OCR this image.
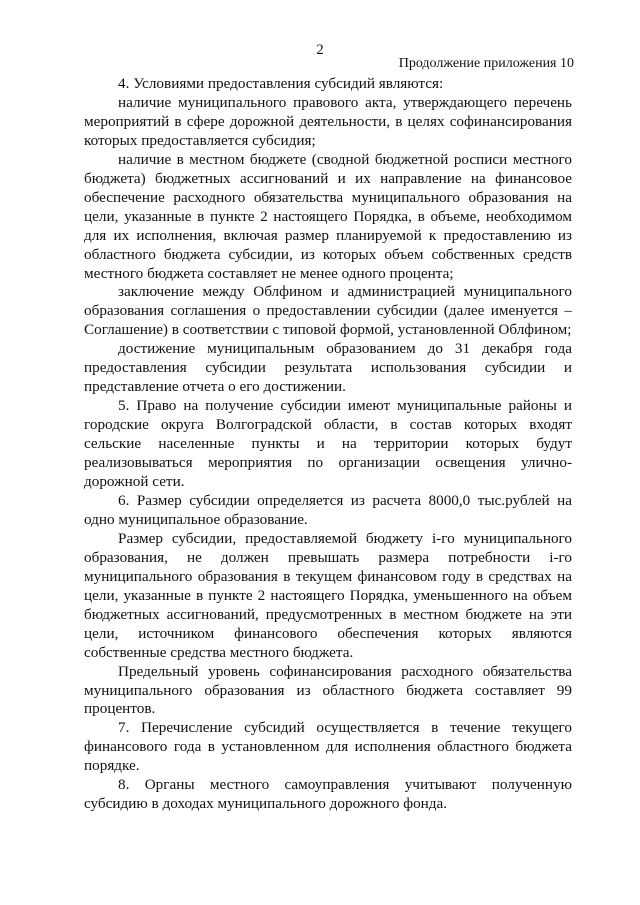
2
Продолжение приложения 10

4. Условиями предоставления субсидий являются:

наличие муниципального правового акта, утверждающего перечень мероприятий в сфере дорожной деятельности, в целях софинансирования которых предоставляется субсидия;

наличие в местном бюджете (сводной бюджетной росписи местного бюджета) бюджетных ассигнований и их направление на финансовое обеспечение расходного обязательства муниципального образования на цели, указанные в пункте 2 настоящего Порядка, в объеме, необходимом для их исполнения, включая размер планируемой к предоставлению из областного бюджета субсидии, из которых объем собственных средств местного бюджета составляет не менее одного процента;

заключение между Облфином и администрацией муниципального образования соглашения о предоставлении субсидии (далее именуется – Соглашение) в соответствии с типовой формой, установленной Облфином;

достижение муниципальным образованием до 31 декабря года предоставления субсидии результата использования субсидии и представление отчета о его достижении.

5. Право на получение субсидии имеют муниципальные районы и городские округа Волгоградской области, в состав которых входят сельские населенные пункты и на территории которых будут реализовываться мероприятия по организации освещения улично-дорожной сети.

6. Размер субсидии определяется из расчета 8000,0 тыс.рублей на одно муниципальное образование.

Размер субсидии, предоставляемой бюджету i-го муниципального образования, не должен превышать размера потребности i-го муниципального образования в текущем финансовом году в средствах на цели, указанные в пункте 2 настоящего Порядка, уменьшенного на объем бюджетных ассигнований, предусмотренных в местном бюджете на эти цели, источником финансового обеспечения которых являются собственные средства местного бюджета.

Предельный уровень софинансирования расходного обязательства муниципального образования из областного бюджета составляет 99 процентов.

7. Перечисление субсидий осуществляется в течение текущего финансового года в установленном для исполнения областного бюджета порядке.

8. Органы местного самоуправления учитывают полученную субсидию в доходах муниципального дорожного фонда.
